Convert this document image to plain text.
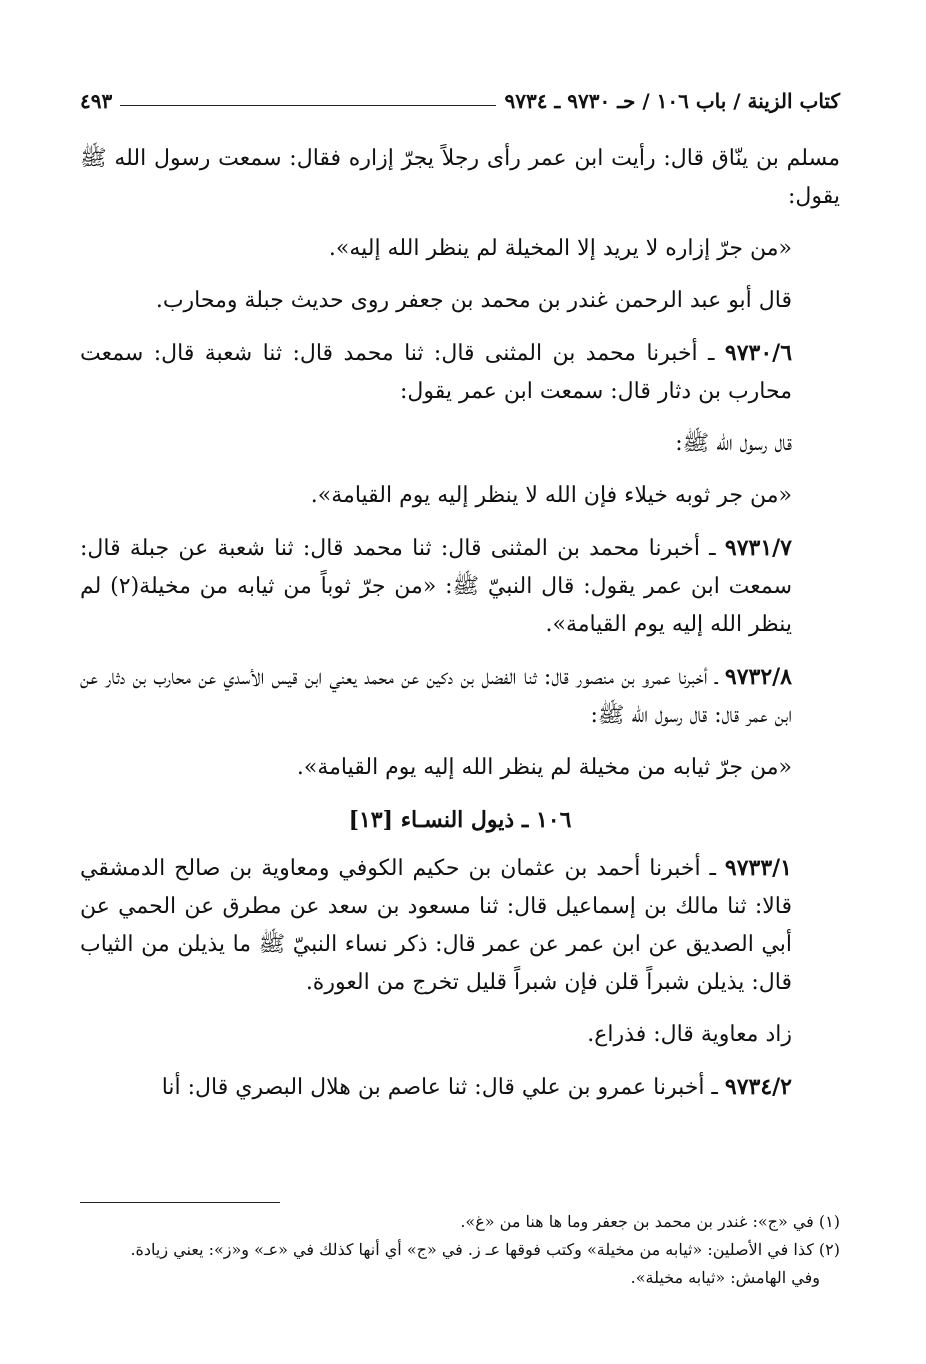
كتاب الزينة / باب ١٠٦ / حـ ٩٧٣٠ ـ ٩٧٣٤
٤٩٣

مسلم بن ينّاق قال: رأيت ابن عمر رأى رجلاً يجرّ إزاره فقال: سمعت رسول الله ﷺ يقول:

«من جرّ إزاره لا يريد إلا المخيلة لم ينظر الله إليه».

قال أبو عبد الرحمن غندر بن محمد بن جعفر روى حديث جبلة ومحارب.

٩٧٣٠/٦ ـ أخبرنا محمد بن المثنى قال: ثنا محمد قال: ثنا شعبة قال: سمعت محارب بن دثار قال: سمعت ابن عمر يقول:

قال رسول الله ﷺ:

«من جر ثوبه خيلاء فإن الله لا ينظر إليه يوم القيامة».

٩٧٣١/٧ ـ أخبرنا محمد بن المثنى قال: ثنا محمد قال: ثنا شعبة عن جبلة قال: سمعت ابن عمر يقول: قال النبيّ ﷺ: «من جرّ ثوباً من ثيابه من مخيلة(٢) لم ينظر الله إليه يوم القيامة».

٩٧٣٢/٨ ـ أخبرنا عمرو بن منصور قال: ثنا الفضل بن دكين عن محمد يعني ابن قيس الأسدي عن محارب بن دثار عن ابن عمر قال: قال رسول الله ﷺ:

«من جرّ ثيابه من مخيلة لم ينظر الله إليه يوم القيامة».

١٠٦ ـ ذيول النسـاء [١٣]

٩٧٣٣/١ ـ أخبرنا أحمد بن عثمان بن حكيم الكوفي ومعاوية بن صالح الدمشقي قالا: ثنا مالك بن إسماعيل قال: ثنا مسعود بن سعد عن مطرق عن الحمي عن أبي الصديق عن ابن عمر عن عمر قال: ذكر نساء النبيّ ﷺ ما يذيلن من الثياب قال: يذيلن شبراً قلن فإن شبراً قليل تخرج من العورة.

زاد معاوية قال: فذراع.

٩٧٣٤/٢ ـ أخبرنا عمرو بن علي قال: ثنا عاصم بن هلال البصري قال: أنا

(١) في «ج»: غندر بن محمد بن جعفر وما ها هنا من «غ».

(٢) كذا في الأصلين: «ثيابه من مخيلة» وكتب فوقها عـ ز. في «ج» أي أنها كذلك في «عـ» و«ز»: يعني زيادة.

وفي الهامش: «ثيابه مخيلة».
